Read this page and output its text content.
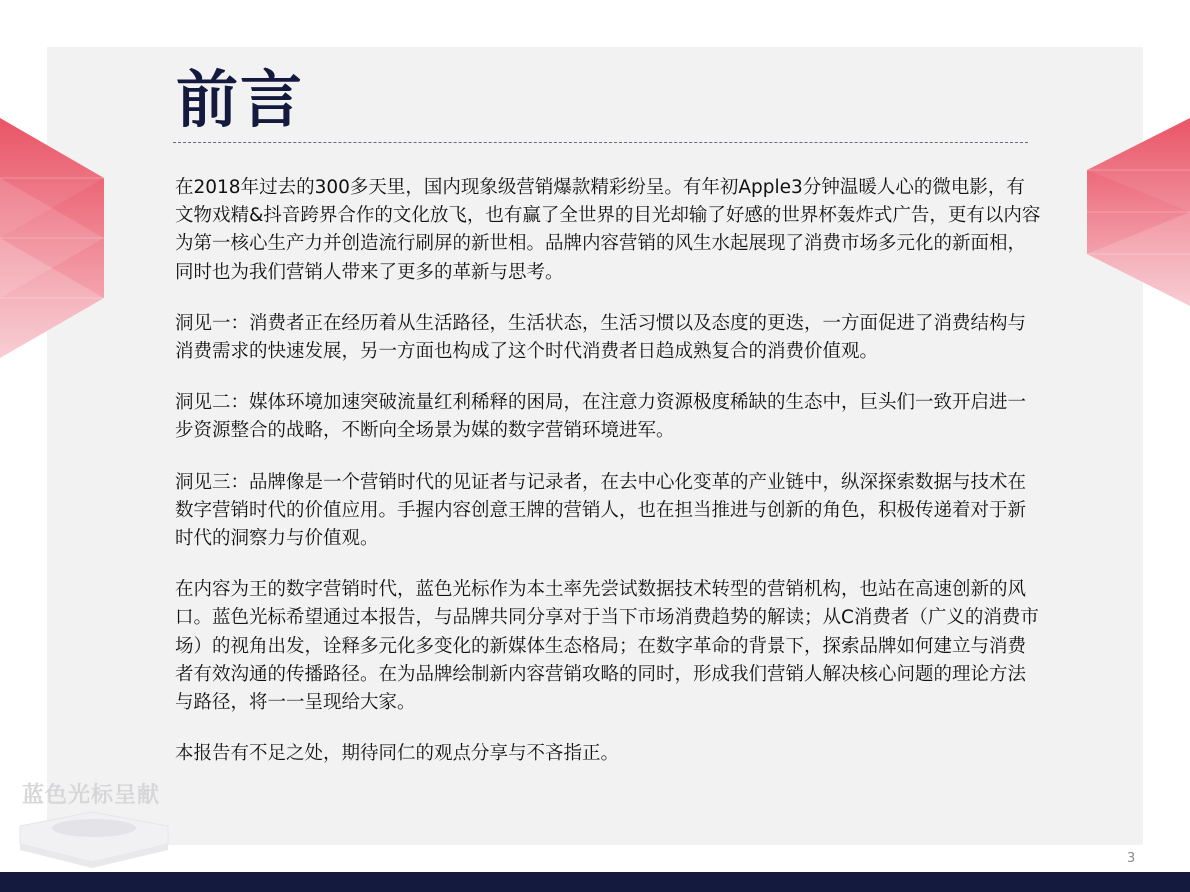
前言

在2018年过去的300多天里，国内现象级营销爆款精彩纷呈。有年初Apple3分钟温暖人心的微电影，有文物戏精&抖音跨界合作的文化放飞，也有赢了全世界的目光却输了好感的世界杯轰炸式广告，更有以内容为第一核心生产力并创造流行刷屏的新世相。品牌内容营销的风生水起展现了消费市场多元化的新面相，同时也为我们营销人带来了更多的革新与思考。

洞见一：消费者正在经历着从生活路径，生活状态，生活习惯以及态度的更迭，一方面促进了消费结构与消费需求的快速发展，另一方面也构成了这个时代消费者日趋成熟复合的消费价值观。

洞见二：媒体环境加速突破流量红利稀释的困局，在注意力资源极度稀缺的生态中，巨头们一致开启进一步资源整合的战略，不断向全场景为媒的数字营销环境进军。

洞见三：品牌像是一个营销时代的见证者与记录者，在去中心化变革的产业链中，纵深探索数据与技术在数字营销时代的价值应用。手握内容创意王牌的营销人，也在担当推进与创新的角色，积极传递着对于新时代的洞察力与价值观。

在内容为王的数字营销时代，蓝色光标作为本土率先尝试数据技术转型的营销机构，也站在高速创新的风口。蓝色光标希望通过本报告，与品牌共同分享对于当下市场消费趋势的解读；从C消费者（广义的消费市场）的视角出发，诠释多元化多变化的新媒体生态格局；在数字革命的背景下，探索品牌如何建立与消费者有效沟通的传播路径。在为品牌绘制新内容营销攻略的同时，形成我们营销人解决核心问题的理论方法与路径，将一一呈现给大家。

本报告有不足之处，期待同仁的观点分享与不吝指正。

蓝色光标呈献
3
